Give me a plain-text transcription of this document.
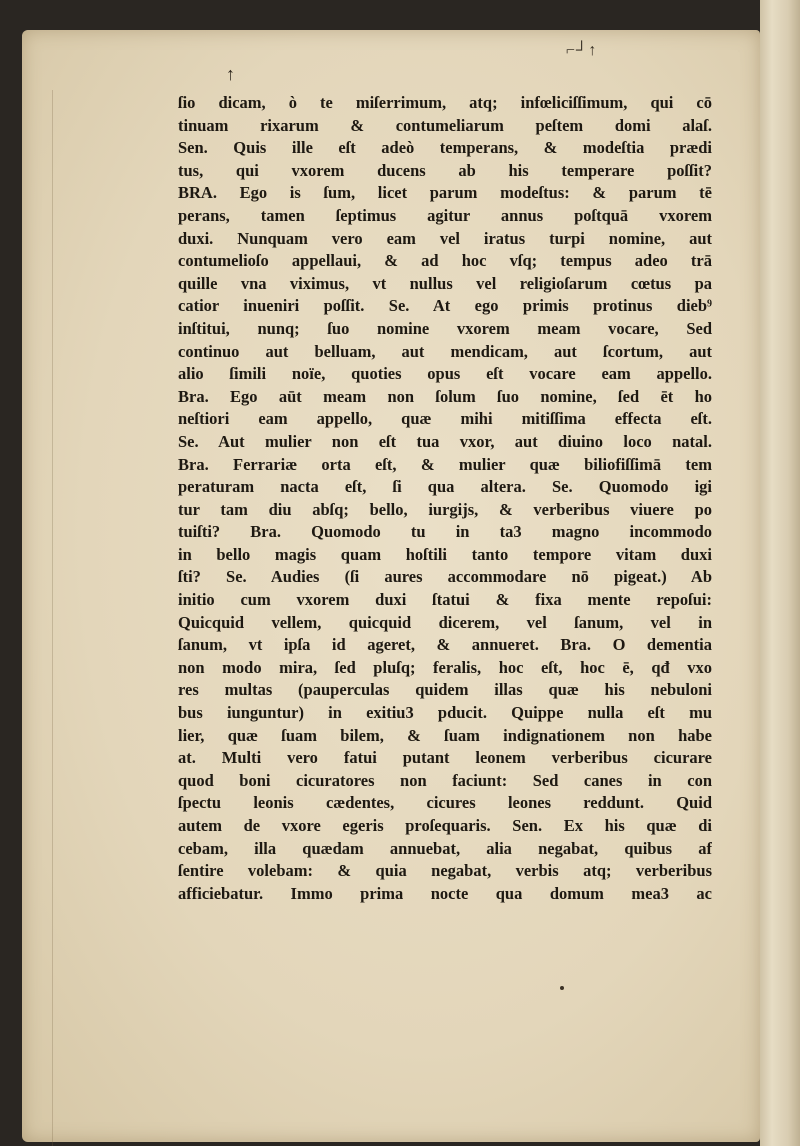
⌐┘↑
↑
ſio dicam, ò te miſerrimum, atq; infœliciſſimum, qui cō
tinuam rixarum & contumeliarum peſtem domi alaſ.
Sen. Quis ille eſt adeò temperans, & modeſtia prædi
tus, qui vxorem ducens ab his temperare poſſit?
BRA. Ego is ſum, licet parum modeſtus: & parum tē
perans, tamen ſeptimus agitur annus poſtquā vxorem
duxi. Nunquam vero eam vel iratus turpi nomine, aut
contumelioſo appellaui, & ad hoc vſq; tempus adeo trā
quille vna viximus, vt nullus vel religioſarum cœtus pa
catior inueniri poſſit. Se. At ego primis protinus dieb⁹
inſtitui, nunq; ſuo nomine vxorem meam vocare, Sed
continuo aut belluam, aut mendicam, aut ſcortum, aut
alio ſimili noïe, quoties opus eſt vocare eam appello.
Bra. Ego aūt meam non ſolum ſuo nomine, ſed ēt ho
neſtiori eam appello, quæ mihi mitiſſima effecta eſt.
Se. Aut mulier non eſt tua vxor, aut diuino loco natal.
Bra. Ferrariæ orta eſt, & mulier quæ biliofiſſimā tem
peraturam nacta eſt, ſi qua altera. Se. Quomodo igi
tur tam diu abſq; bello, iurgijs, & verberibus viuere po
tuiſti? Bra. Quomodo tu in ta3 magno incommodo
in bello magis quam hoſtili tanto tempore vitam duxi
ſti? Se. Audies (ſi aures accommodare nō pigeat.) Ab
initio cum vxorem duxi ſtatui & fixa mente repoſui:
Quicquid vellem, quicquid dicerem, vel ſanum, vel in
ſanum, vt ipſa id ageret, & annueret. Bra. O dementia
non modo mira, ſed pluſq; feralis, hoc eſt, hoc ē, qđ vxo
res multas (pauperculas quidem illas quæ his nebuloni
bus iunguntur) in exitiu3 pducit. Quippe nulla eſt mu
lier, quæ ſuam bilem, & ſuam indignationem non habe
at. Multi vero fatui putant leonem verberibus cicurare
quod boni cicuratores non faciunt: Sed canes in con
ſpectu leonis cædentes, cicures leones reddunt. Quid
autem de vxore egeris proſequaris. Sen. Ex his quæ di
cebam, illa quædam annuebat, alia negabat, quibus af
ſentire volebam: & quia negabat, verbis atq; verberibus
afficiebatur. Immo prima nocte qua domum mea3 ac
